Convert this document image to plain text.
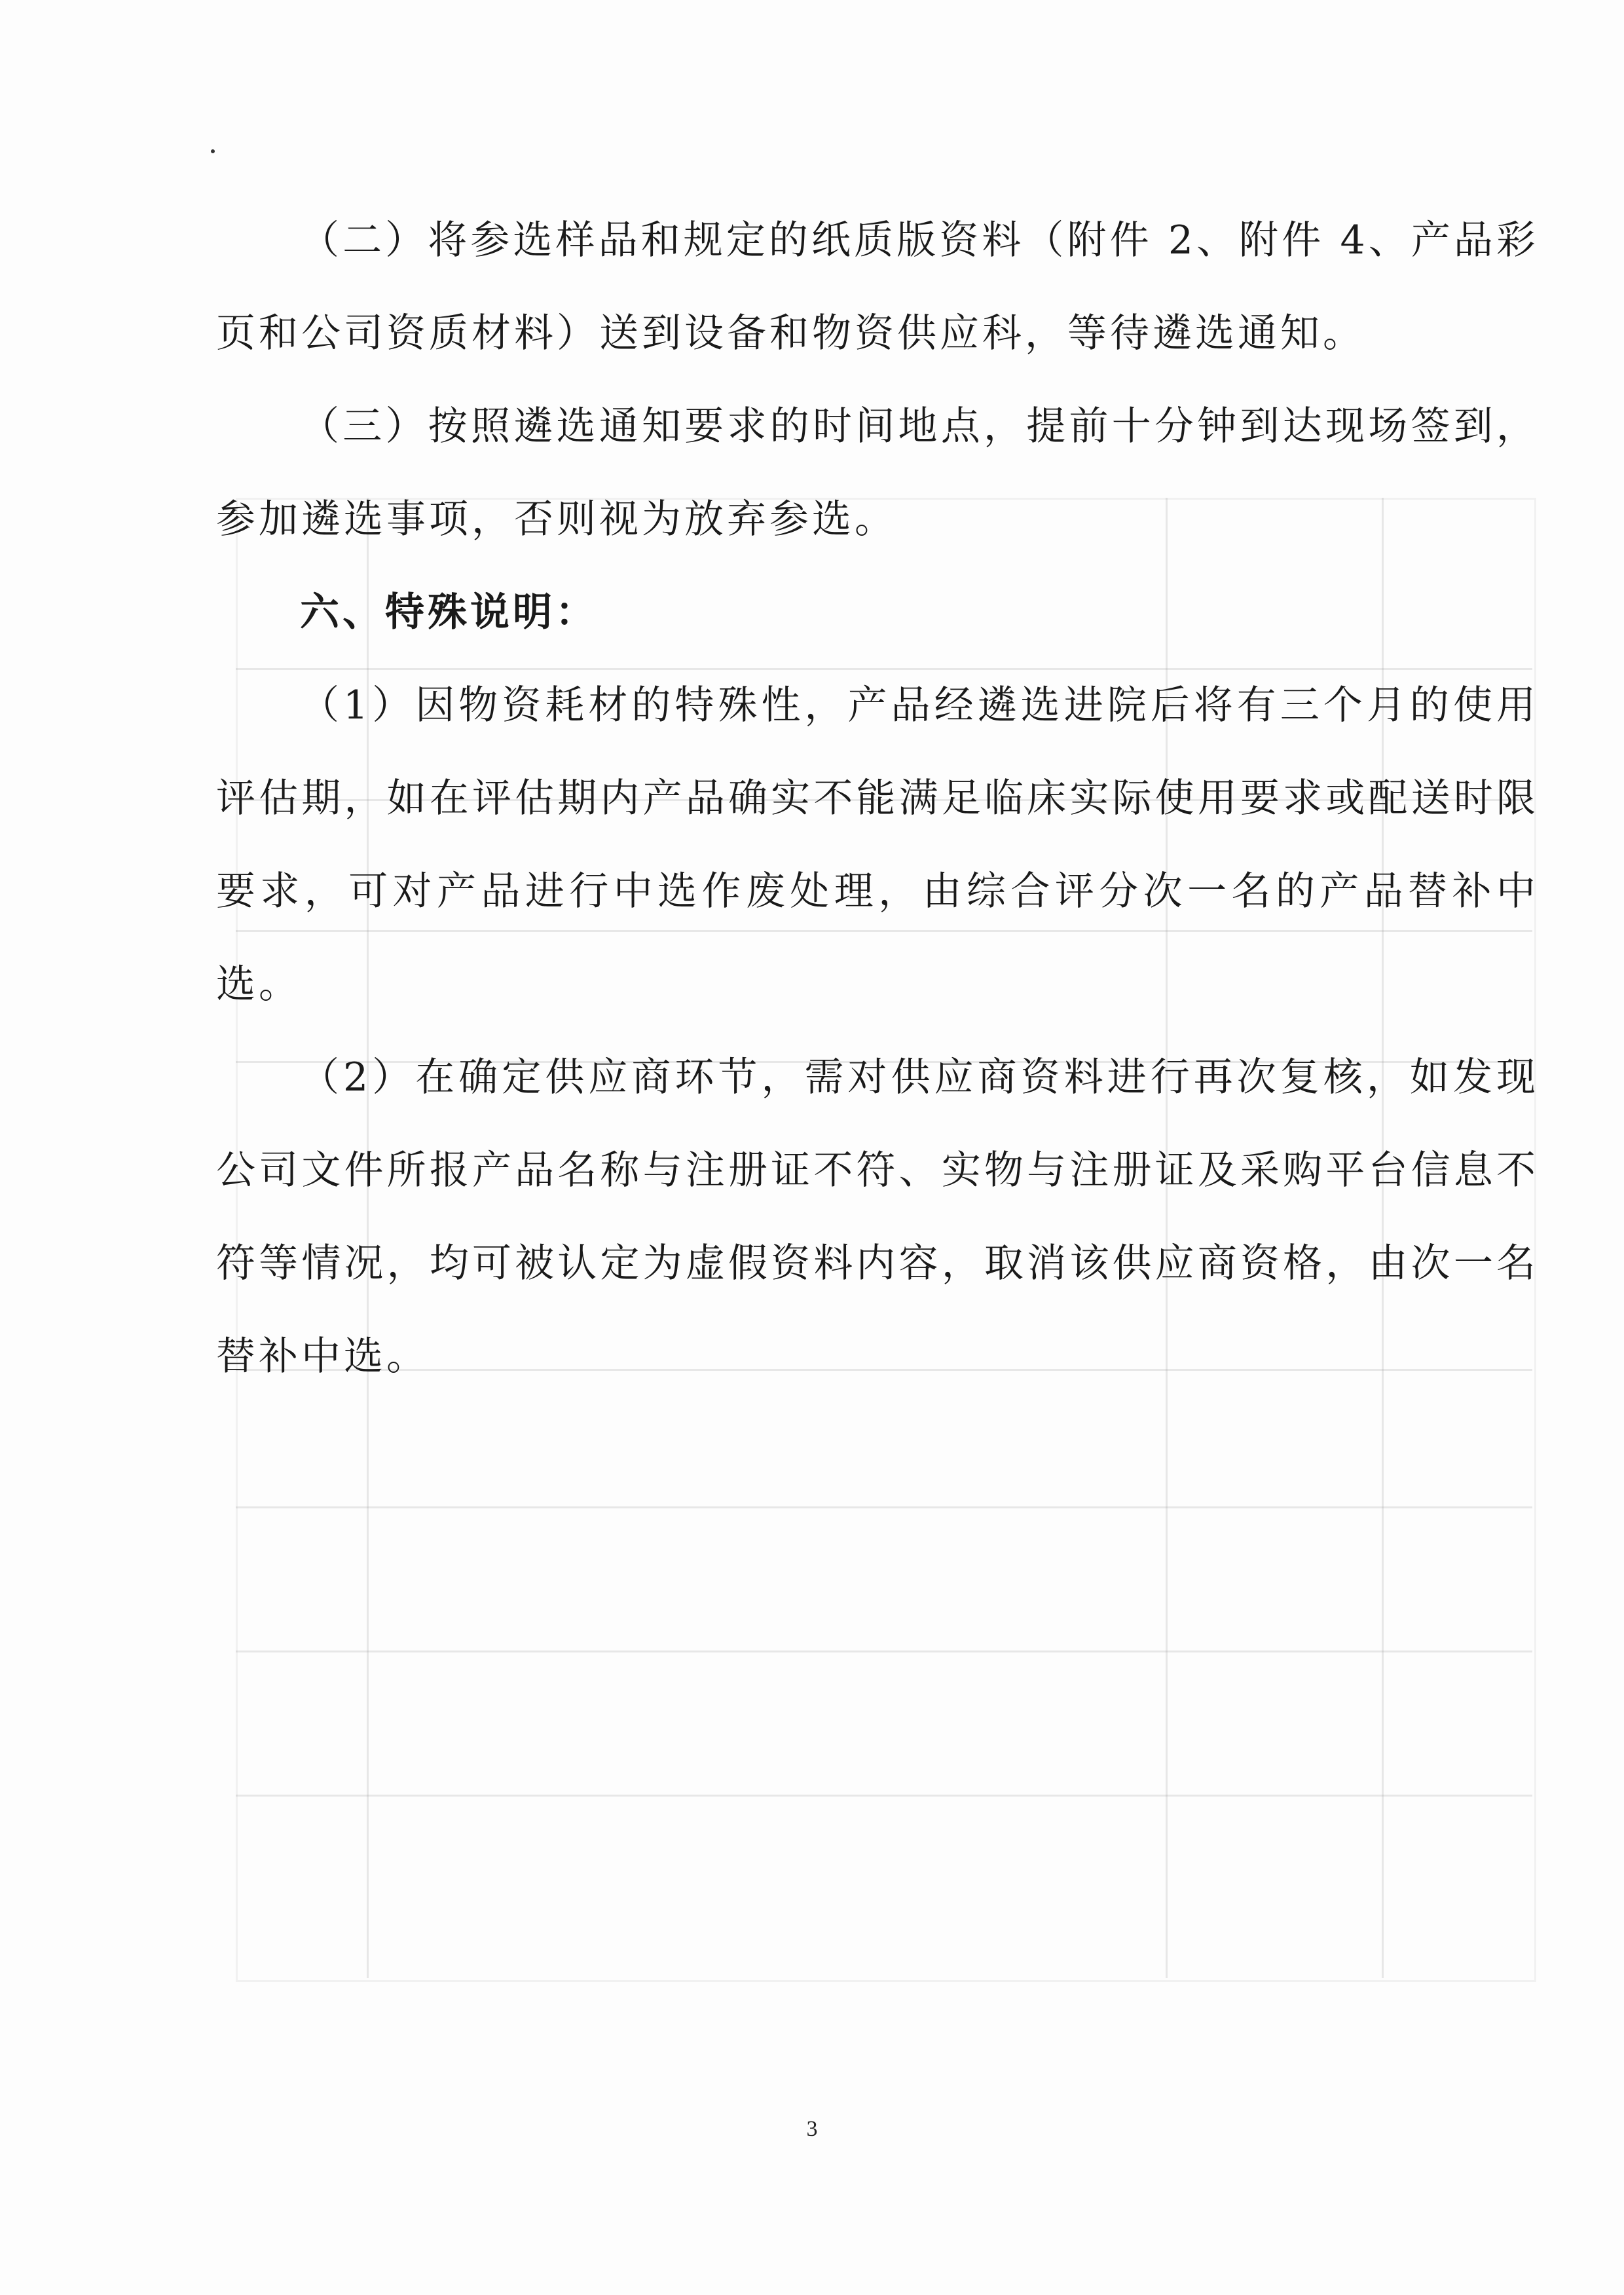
（二）将参选样品和规定的纸质版资料（附件 2、附件 4、产品彩页和公司资质材料）送到设备和物资供应科，等待遴选通知。

（三）按照遴选通知要求的时间地点，提前十分钟到达现场签到，参加遴选事项，否则视为放弃参选。

六、特殊说明：

（1）因物资耗材的特殊性，产品经遴选进院后将有三个月的使用评估期，如在评估期内产品确实不能满足临床实际使用要求或配送时限要求，可对产品进行中选作废处理，由综合评分次一名的产品替补中选。

（2）在确定供应商环节，需对供应商资料进行再次复核，如发现公司文件所报产品名称与注册证不符、实物与注册证及采购平台信息不符等情况，均可被认定为虚假资料内容，取消该供应商资格，由次一名替补中选。

3
